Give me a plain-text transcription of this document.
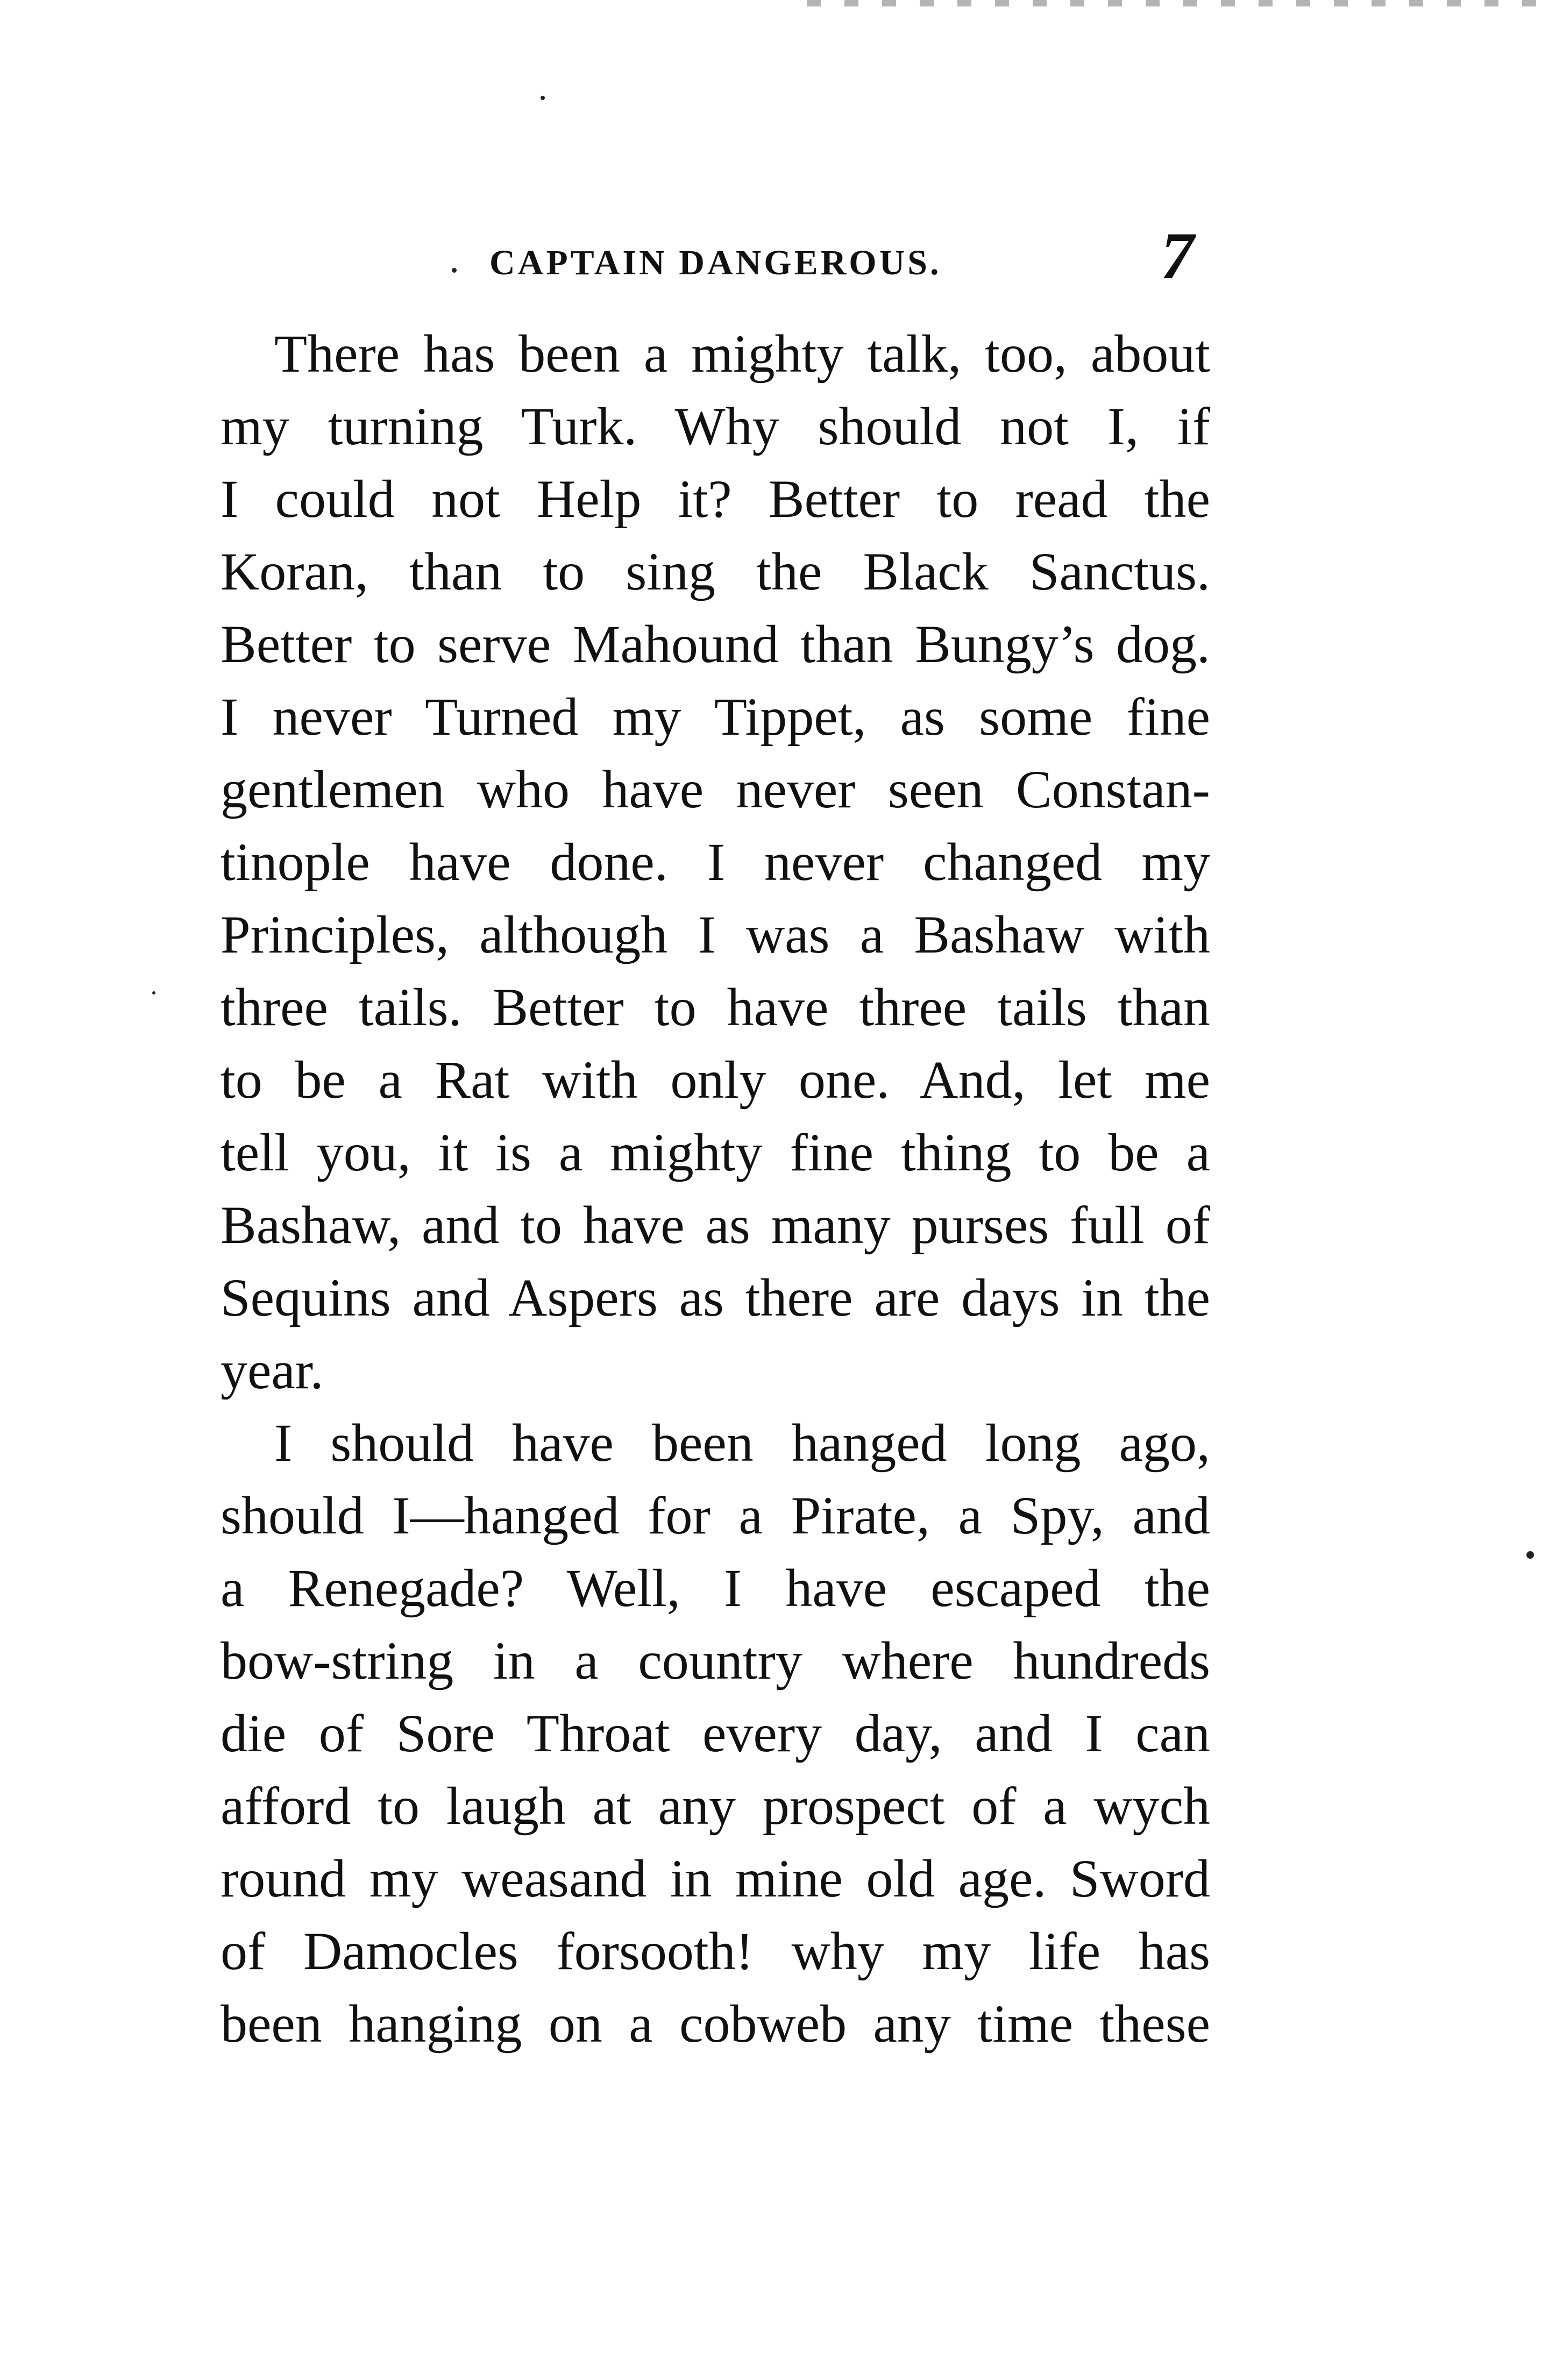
CAPTAIN DANGEROUS.	7
There has been a mighty talk, too, about
my turning Turk. Why should not I, if
I could not Help it? Better to read the
Koran, than to sing the Black Sanctus.
Better to serve Mahound than Bungy’s dog.
I never Turned my Tippet, as some fine
gentlemen who have never seen Constan-
tinople have done. I never changed my
Principles, although I was a Bashaw with
three tails. Better to have three tails than
to be a Rat with only one. And, let me
tell you, it is a mighty fine thing to be a
Bashaw, and to have as many purses full of
Sequins and Aspers as there are days in the
year.
I should have been hanged long ago,
should I—hanged for a Pirate, a Spy, and
a Renegade? Well, I have escaped the
bow-string in a country where hundreds
die of Sore Throat every day, and I can
afford to laugh at any prospect of a wych
round my weasand in mine old age. Sword
of Damocles forsooth! why my life has
been hanging on a cobweb any time these
